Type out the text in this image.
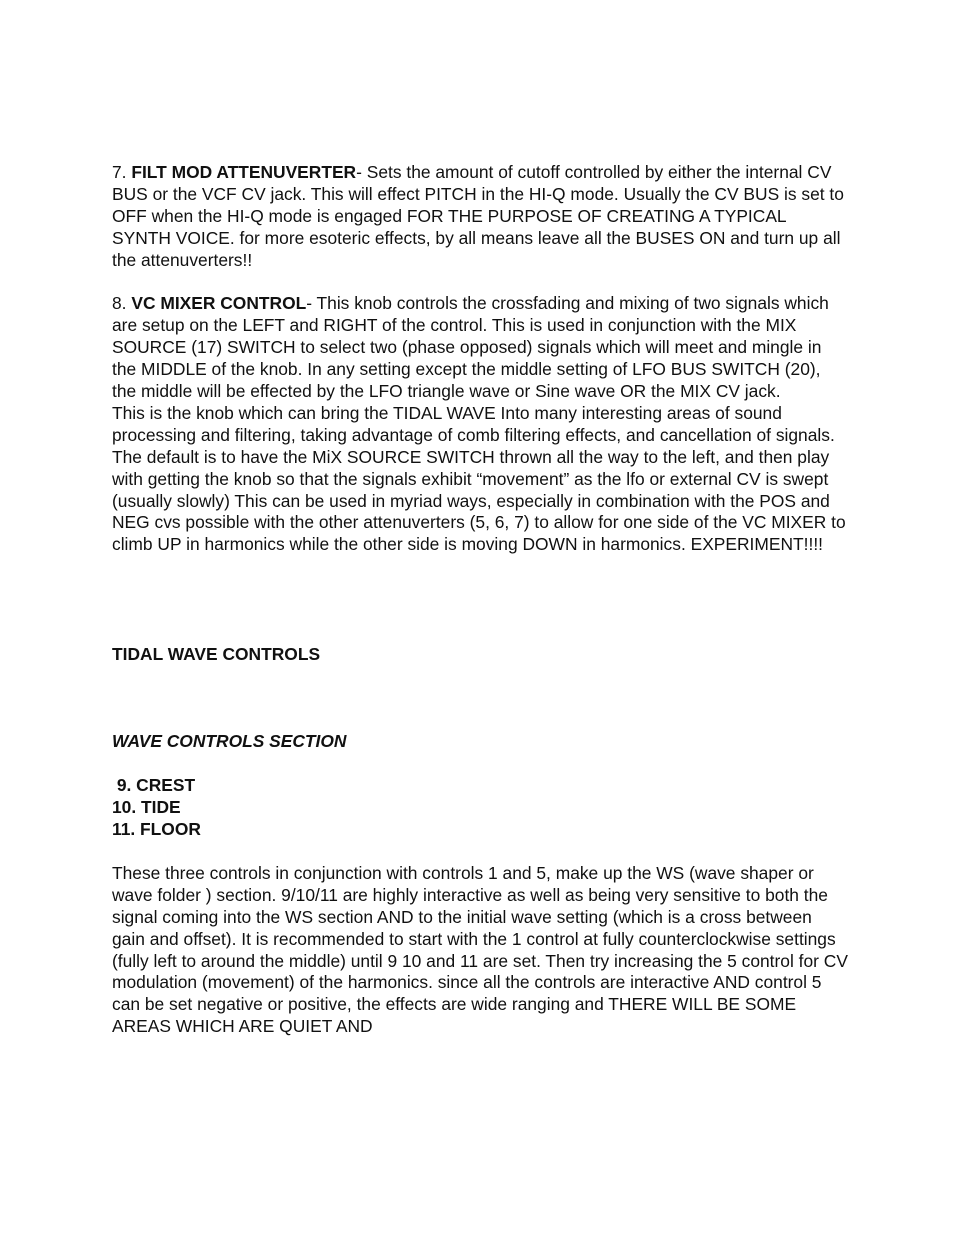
7. FILT MOD ATTENUVERTER- Sets the amount of cutoff controlled by either the internal CV BUS or the VCF CV jack. This will effect PITCH in the HI-Q mode. Usually the CV BUS is set to OFF when the HI-Q mode is engaged FOR THE PURPOSE OF CREATING A TYPICAL SYNTH VOICE. for more esoteric effects, by all means leave all the BUSES ON and turn up all the attenuverters!!

8. VC MIXER CONTROL- This knob controls the crossfading and mixing of two signals which are setup on the LEFT and RIGHT of the control. This is used in conjunction with the MIX SOURCE (17) SWITCH to select two (phase opposed) signals which will meet and mingle in the MIDDLE of the knob. In any setting except the middle setting of LFO BUS SWITCH (20), the middle will be effected by the LFO triangle wave or Sine wave OR the MIX CV jack.

This is the knob which can bring the TIDAL WAVE Into many interesting areas of sound processing and filtering, taking advantage of comb filtering effects, and cancellation of signals.

The default is to have the MiX SOURCE SWITCH thrown all the way to the left, and then play with getting the knob so that the signals exhibit “movement” as the lfo or external CV is swept (usually slowly) This can be used in myriad ways, especially in combination with the POS and NEG cvs possible with the other attenuverters (5, 6, 7) to allow for one side of the VC MIXER to climb UP in harmonics while the other side is moving DOWN in harmonics. EXPERIMENT!!!!

TIDAL WAVE CONTROLS

WAVE CONTROLS SECTION

9. CREST

10. TIDE

11. FLOOR

These three controls in conjunction with controls 1 and 5, make up the WS (wave shaper or wave folder ) section. 9/10/11 are highly interactive as well as being very sensitive to both the signal coming into the WS section AND to the initial wave setting (which is a cross between gain and offset). It is recommended to start with the 1 control at fully counterclockwise settings (fully left to around the middle) until 9 10 and 11 are set. Then try increasing the 5 control for CV modulation (movement) of the harmonics. since all the controls are interactive AND control 5 can be set negative or positive, the effects are wide ranging and THERE WILL BE SOME AREAS WHICH ARE QUIET AND
